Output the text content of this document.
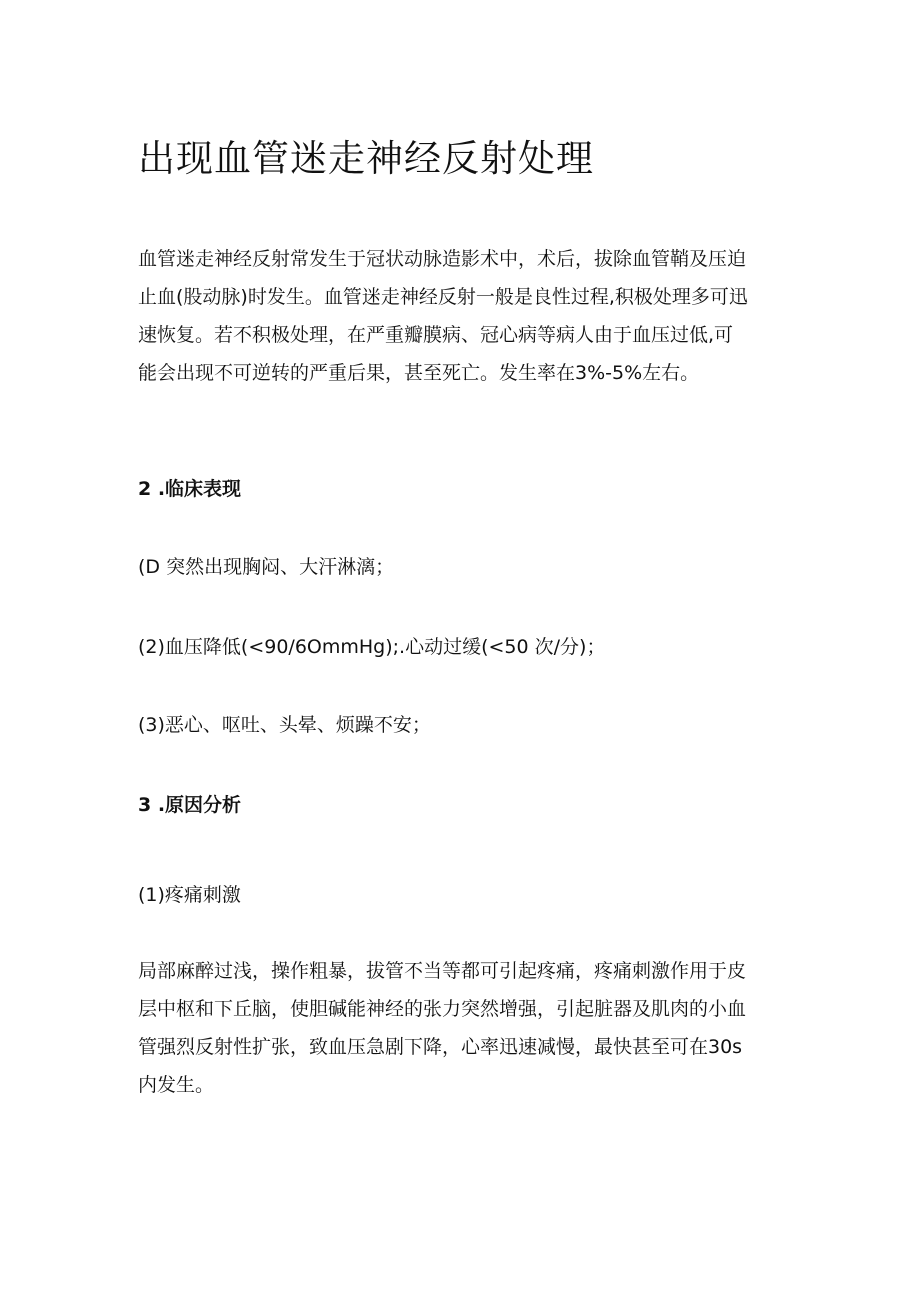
出现血管迷走神经反射处理
血管迷走神经反射常发生于冠状动脉造影术中，术后，拔除血管鞘及压迫
止血(股动脉)时发生。血管迷走神经反射一般是良性过程,积极处理多可迅
速恢复。若不积极处理，在严重瓣膜病、冠心病等病人由于血压过低,可
能会出现不可逆转的严重后果，甚至死亡。发生率在3%-5%左右。
2 .临床表现

(D 突然出现胸闷、大汗淋漓；

(2)血压降低(<90/6OmmHg);.心动过缓(<50 次/分)；

(3)恶心、呕吐、头晕、烦躁不安；

3 .原因分析

(1)疼痛刺激

局部麻醉过浅，操作粗暴，拔管不当等都可引起疼痛，疼痛刺激作用于皮
层中枢和下丘脑，使胆碱能神经的张力突然增强，引起脏器及肌肉的小血
管强烈反射性扩张，致血压急剧下降，心率迅速减慢，最快甚至可在30s
内发生。
